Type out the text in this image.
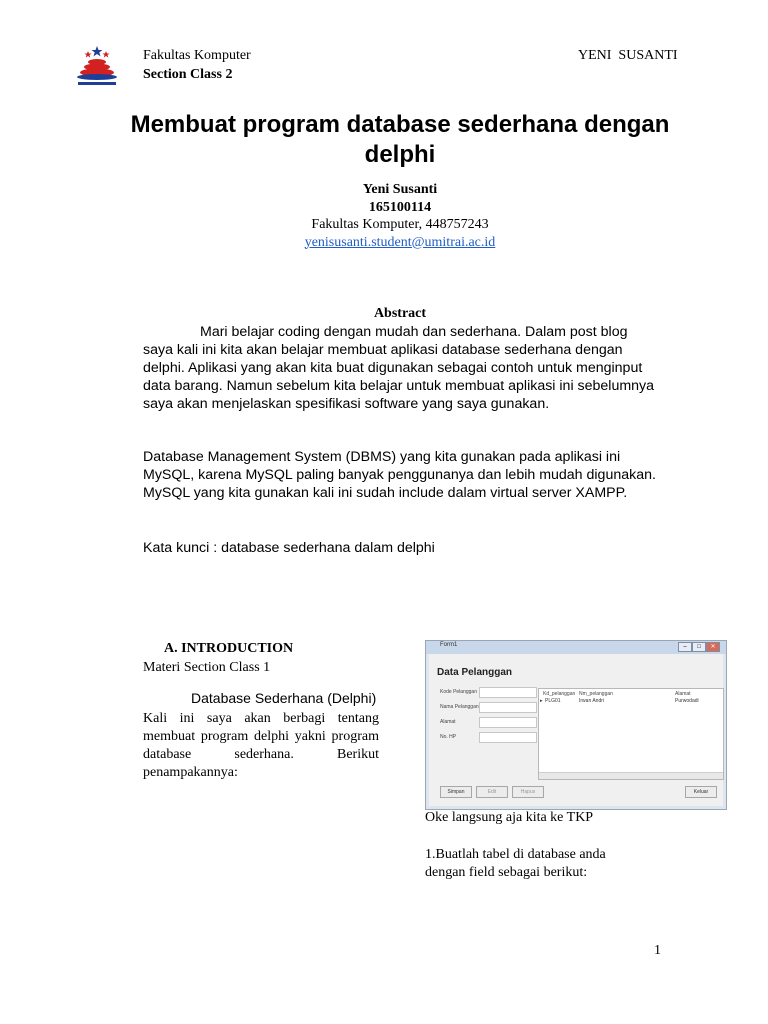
Fakultas Komputer
Section Class 2
YENI  SUSANTI
Membuat program database sederhana dengan delphi
Yeni Susanti
165100114
Fakultas Komputer, 448757243
yenisusanti.student@umitrai.ac.id
Abstract
Mari belajar coding dengan mudah dan sederhana. Dalam post blog saya kali ini kita akan belajar membuat aplikasi database sederhana dengan delphi. Aplikasi yang akan kita buat digunakan sebagai contoh untuk menginput data barang. Namun sebelum kita belajar untuk membuat aplikasi ini sebelumnya saya akan menjelaskan spesifikasi software yang saya gunakan.
Database Management System (DBMS) yang kita gunakan pada aplikasi ini MySQL, karena MySQL paling banyak penggunanya dan lebih mudah digunakan. MySQL yang kita gunakan kali ini sudah include dalam virtual server XAMPP.
Kata kunci : database sederhana dalam delphi
A. INTRODUCTION
Materi Section Class 1
Database Sederhana (Delphi)
Kali ini saya akan berbagi tentang membuat program delphi yakni program database sederhana. Berikut penampakannya:
Form1	–	□	✕
Data Pelanggan
Kode Pelanggan
Nama Pelanggan
Alamat
No. HP
Kd_pelanggan Nm_pelanggan	Alamat
▸ PLG01	Irwan Andri	Purwodadi
Simpan	Edit	Hapus	Keluar
Oke langsung aja kita ke TKP
1.Buatlah tabel di database anda dengan field sebagai berikut:
1
